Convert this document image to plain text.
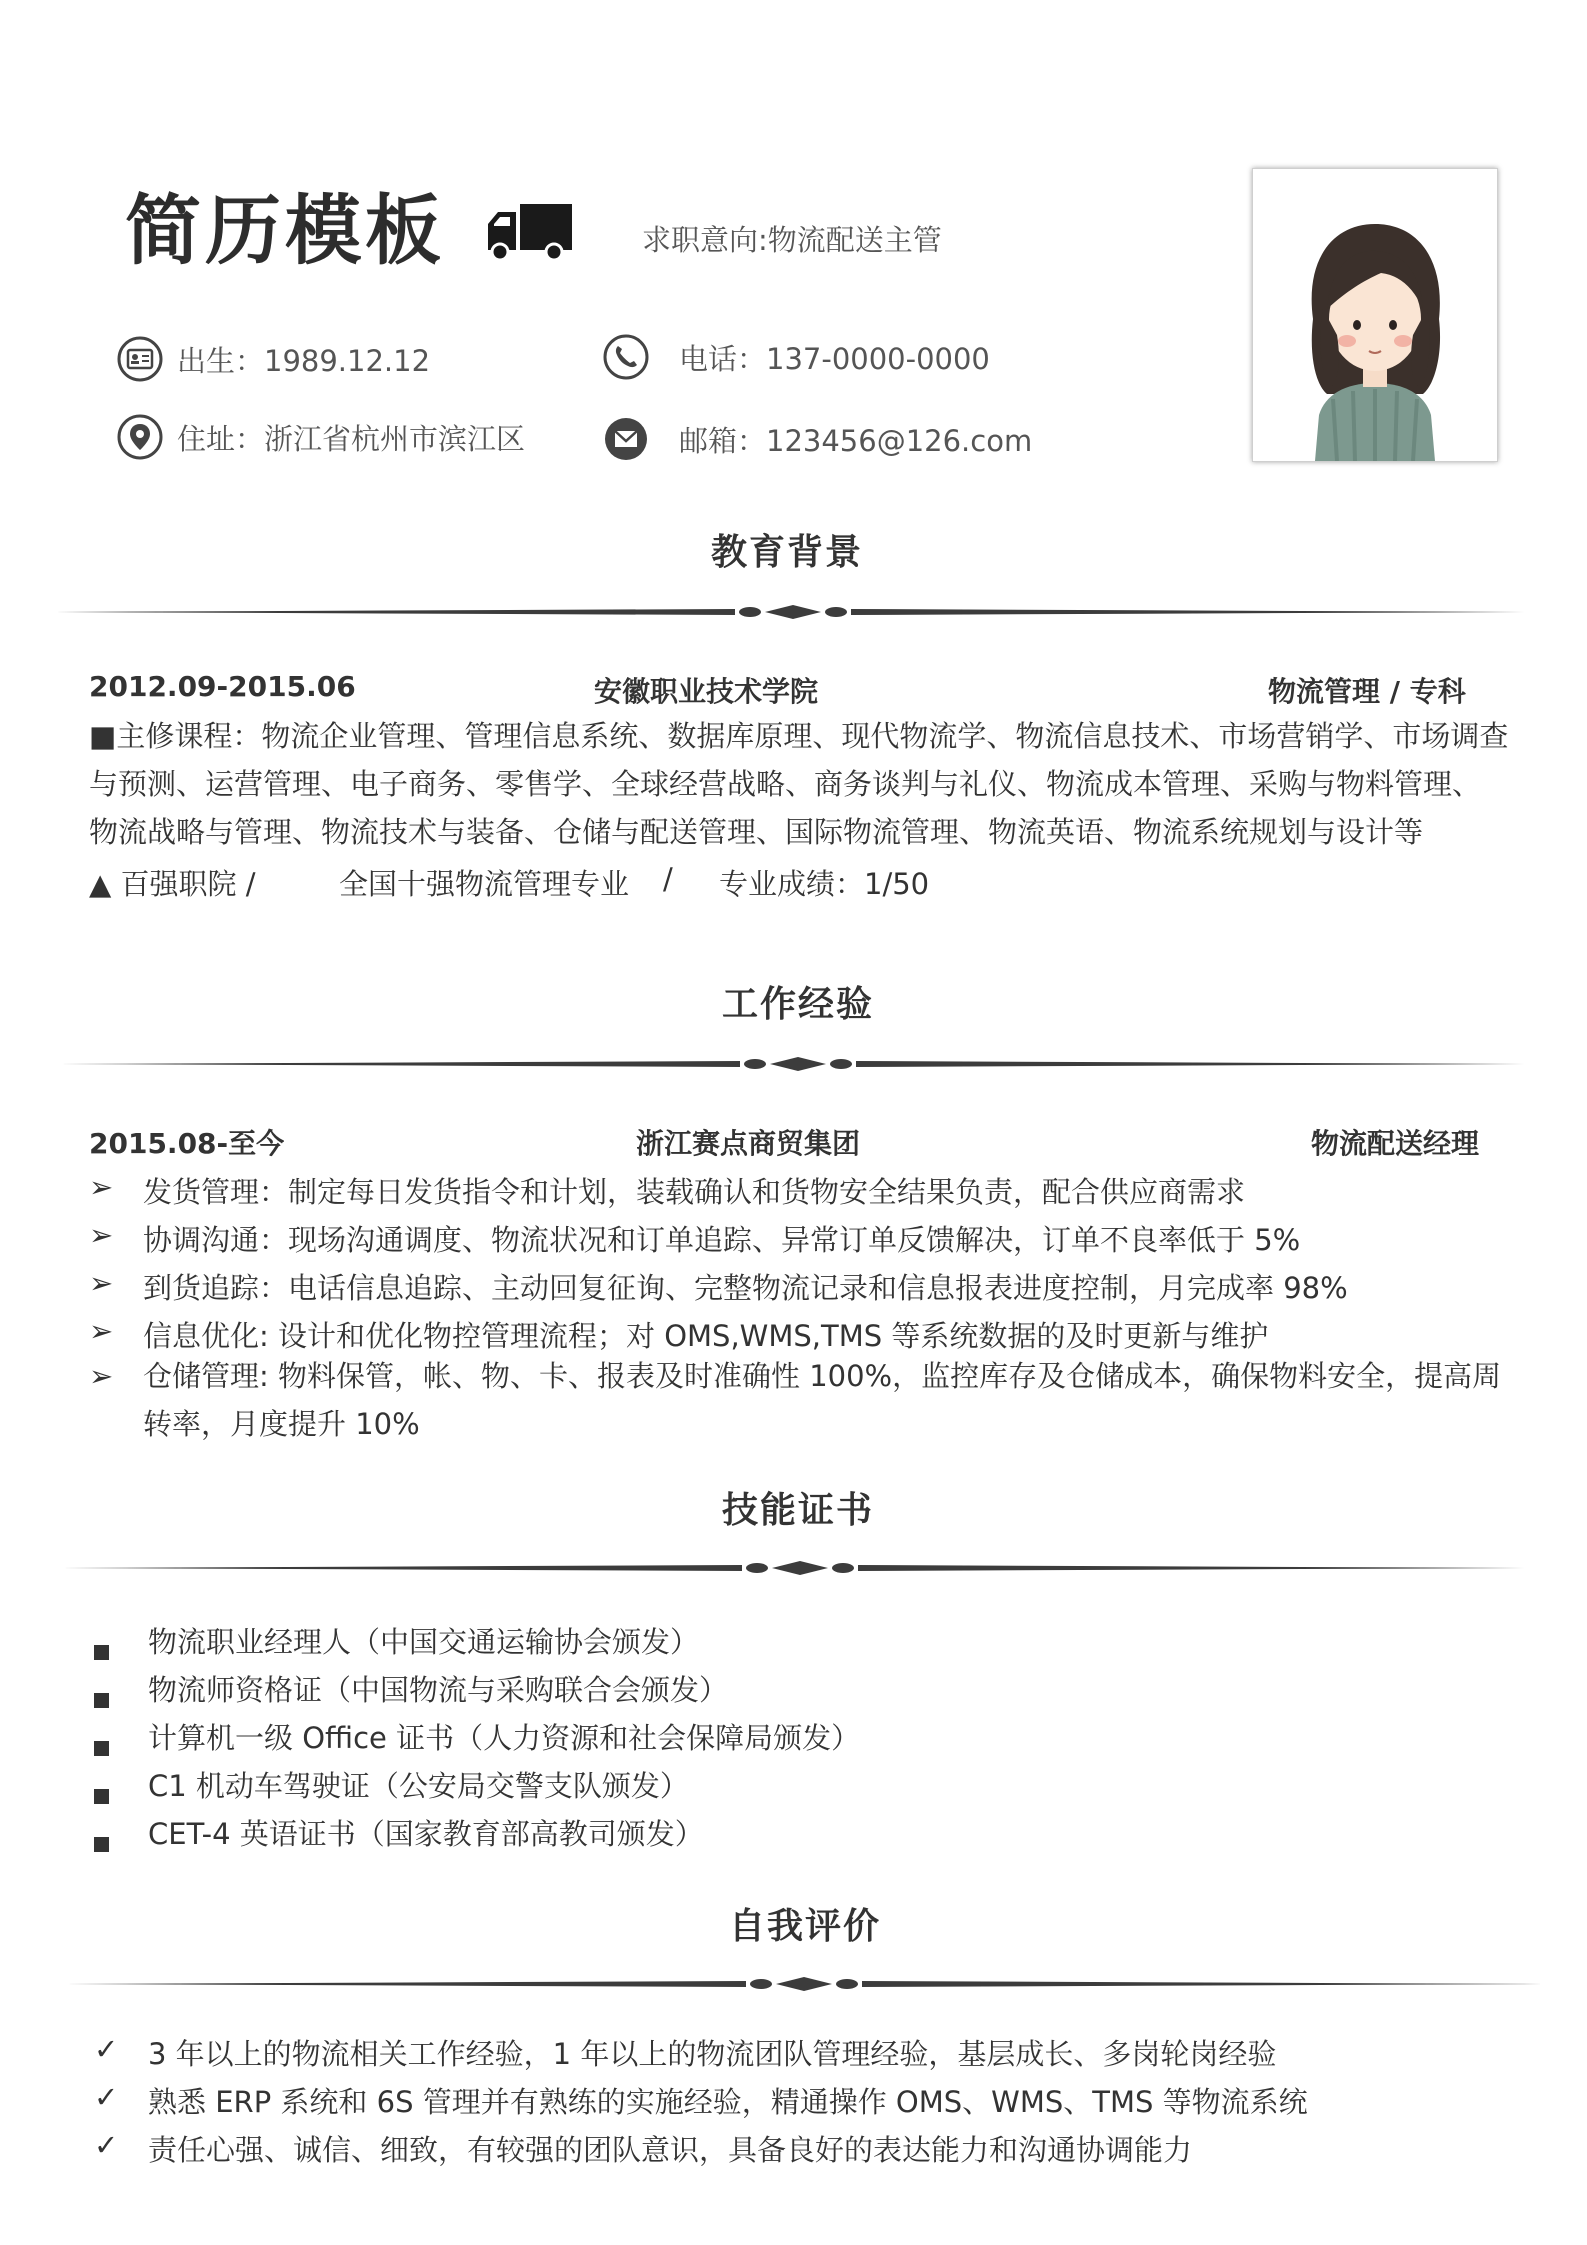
简历模板	求职意向:物流配送主管
出生：1989.12.12	电话：137-0000-0000
住址：浙江省杭州市滨江区	邮箱：123456@126.com
教育背景
2012.09-2015.06	安徽职业技术学院	物流管理 / 专科
■主修课程：物流企业管理、管理信息系统、数据库原理、现代物流学、物流信息技术、市场营销学、市场调查与预测、运营管理、电子商务、零售学、全球经营战略、商务谈判与礼仪、物流成本管理、采购与物料管理、物流战略与管理、物流技术与装备、仓储与配送管理、国际物流管理、物流英语、物流系统规划与设计等
▲ 百强职院 /	全国十强物流管理专业 / 专业成绩：1/50
工作经验
2015.08-至今	浙江赛点商贸集团	物流配送经理
➢ 发货管理：制定每日发货指令和计划，装载确认和货物安全结果负责，配合供应商需求
➢ 协调沟通：现场沟通调度、物流状况和订单追踪、异常订单反馈解决，订单不良率低于 5%
➢ 到货追踪：电话信息追踪、主动回复征询、完整物流记录和信息报表进度控制，月完成率 98%
➢ 信息优化: 设计和优化物控管理流程；对 OMS,WMS,TMS 等系统数据的及时更新与维护
➢ 仓储管理: 物料保管，帐、物、卡、报表及时准确性 100%，监控库存及仓储成本，确保物料安全，提高周转率，月度提升 10%
技能证书
物流职业经理人（中国交通运输协会颁发）
物流师资格证（中国物流与采购联合会颁发）
计算机一级 Office 证书（人力资源和社会保障局颁发）
C1 机动车驾驶证（公安局交警支队颁发）
CET-4 英语证书（国家教育部高教司颁发）
自我评价
✓ 3 年以上的物流相关工作经验，1 年以上的物流团队管理经验，基层成长、多岗轮岗经验
✓ 熟悉 ERP 系统和 6S 管理并有熟练的实施经验，精通操作 OMS、WMS、TMS 等物流系统
✓ 责任心强、诚信、细致，有较强的团队意识，具备良好的表达能力和沟通协调能力
